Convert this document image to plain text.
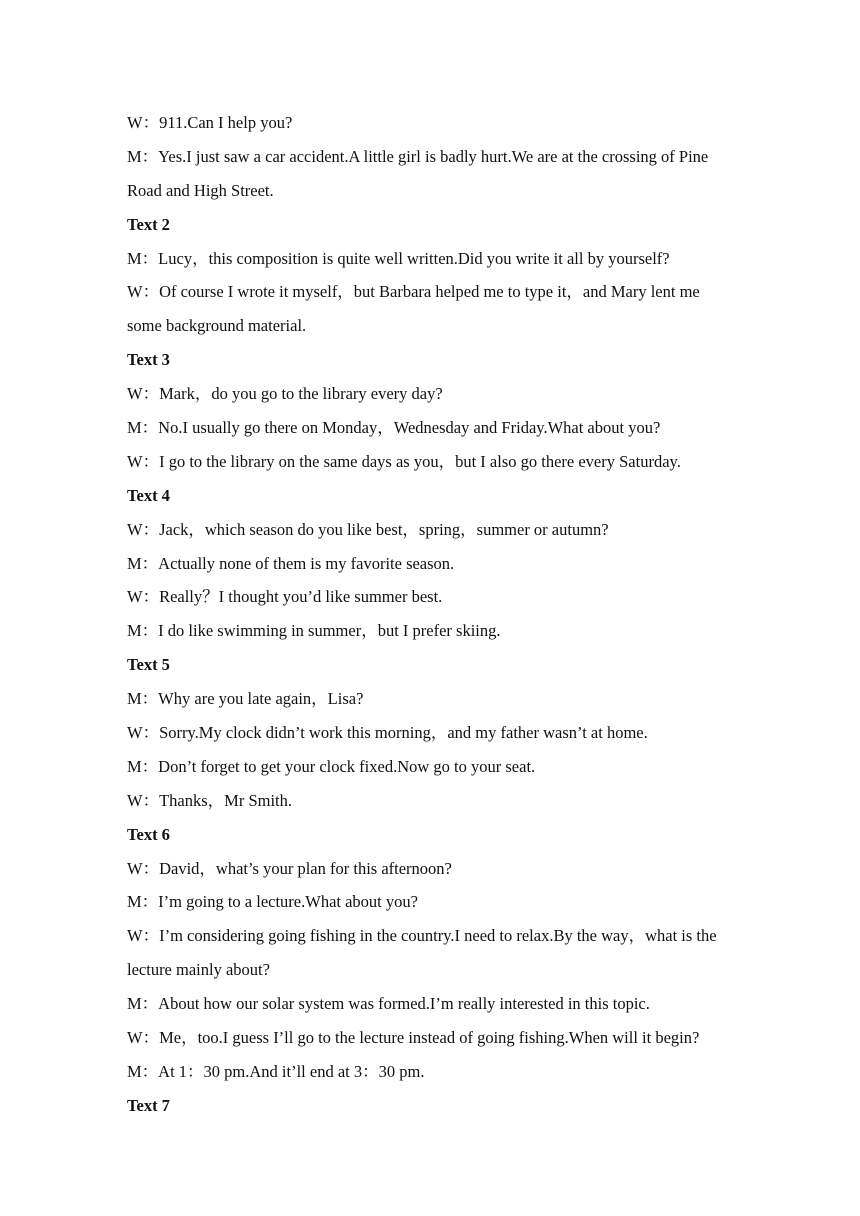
W：911.Can I help you?
M：Yes.I just saw a car accident.A little girl is badly hurt.We are at the crossing of Pine
Road and High Street.
Text 2
M：Lucy，this composition is quite well written.Did you write it all by yourself?
W：Of course I wrote it myself，but Barbara helped me to type it，and Mary lent me
some background material.
Text 3
W：Mark，do you go to the library every day?
M：No.I usually go there on Monday，Wednesday and Friday.What about you?
W：I go to the library on the same days as you，but I also go there every Saturday.
Text 4
W：Jack，which season do you like best，spring，summer or autumn?
M：Actually none of them is my favorite season.
W：Really？I thought you’d like summer best.
M：I do like swimming in summer，but I prefer skiing.
Text 5
M：Why are you late again，Lisa?
W：Sorry.My clock didn’t work this morning，and my father wasn’t at home.
M：Don’t forget to get your clock fixed.Now go to your seat.
W：Thanks，Mr Smith.
Text 6
W：David，what’s your plan for this afternoon?
M：I’m going to a lecture.What about you?
W：I’m considering going fishing in the country.I need to relax.By the way，what is the
lecture mainly about?
M：About how our solar system was formed.I’m really interested in this topic.
W：Me，too.I guess I’ll go to the lecture instead of going fishing.When will it begin?
M：At 1：30 pm.And it’ll end at 3：30 pm.
Text 7
